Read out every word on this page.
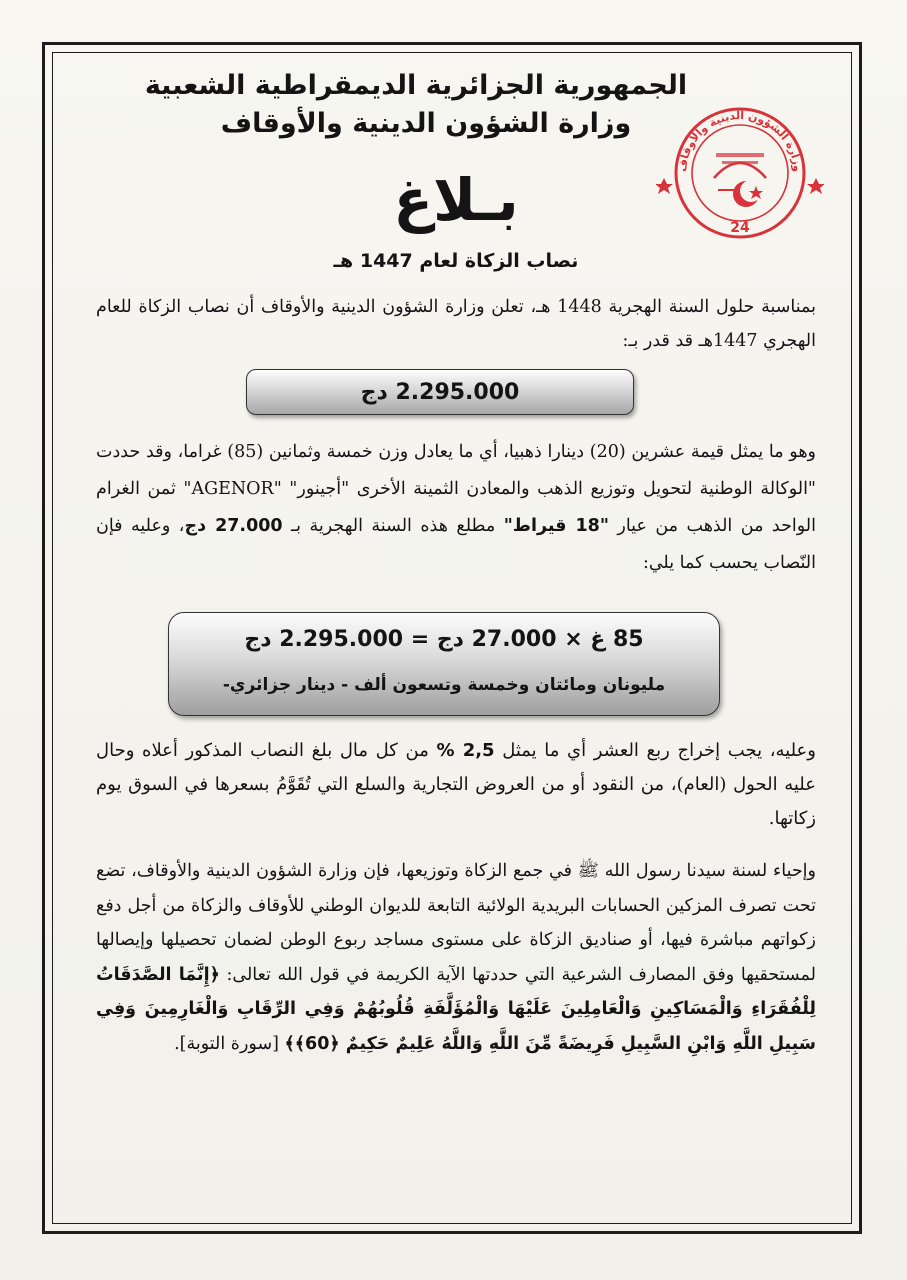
الجمهورية الجزائرية الديمقراطية الشعبية
وزارة الشؤون الدينية والأوقاف
بـلاغ
نصاب الزكاة لعام 1447 هـ
بمناسبة حلول السنة الهجرية 1448 هـ، تعلن وزارة الشؤون الدينية والأوقاف أن نصاب الزكاة للعام الهجري 1447هـ قد قدر بـ:
2.295.000 دج
وهو ما يمثل قيمة عشرين (20) دينارا ذهبيا، أي ما يعادل وزن خمسة وثمانين (85) غراما، وقد حددت "الوكالة الوطنية لتحويل وتوزيع الذهب والمعادن الثمينة الأخرى "أجينور" "AGENOR" ثمن الغرام الواحد من الذهب من عيار "18 قيراط" مطلع هذه السنة الهجرية بـ 27.000 دج، وعليه فإن النّصاب يحسب كما يلي:
85 غ × 27.000 دج = 2.295.000 دج
مليونان ومائتان وخمسة وتسعون ألف - دينار جزائري-
وعليه، يجب إخراج ربع العشر أي ما يمثل 2,5 % من كل مال بلغ النصاب المذكور أعلاه وحال عليه الحول (العام)، من النقود أو من العروض التجارية والسلع التي تُقَوَّمُ بسعرها في السوق يوم زكاتها.
وإحياء لسنة سيدنا رسول الله ﷺ في جمع الزكاة وتوزيعها، فإن وزارة الشؤون الدينية والأوقاف، تضع تحت تصرف المزكين الحسابات البريدية الولائية التابعة للديوان الوطني للأوقاف والزكاة من أجل دفع زكواتهم مباشرة فيها، أو صناديق الزكاة على مستوى مساجد ربوع الوطن لضمان تحصيلها وإيصالها لمستحقيها وفق المصارف الشرعية التي حددتها الآية الكريمة في قول الله تعالى: ﴿إِنَّمَا الصَّدَقَاتُ لِلْفُقَرَاءِ وَالْمَسَاكِينِ وَالْعَامِلِينَ عَلَيْهَا وَالْمُؤَلَّفَةِ قُلُوبُهُمْ وَفِي الرِّقَابِ وَالْغَارِمِينَ وَفِي سَبِيلِ اللَّهِ وَابْنِ السَّبِيلِ فَرِيضَةً مِّنَ اللَّهِ وَاللَّهُ عَلِيمٌ حَكِيمٌ ﴿60﴾﴾ [سورة التوبة].
وزارة الشؤون الدينية والأوقاف
24
